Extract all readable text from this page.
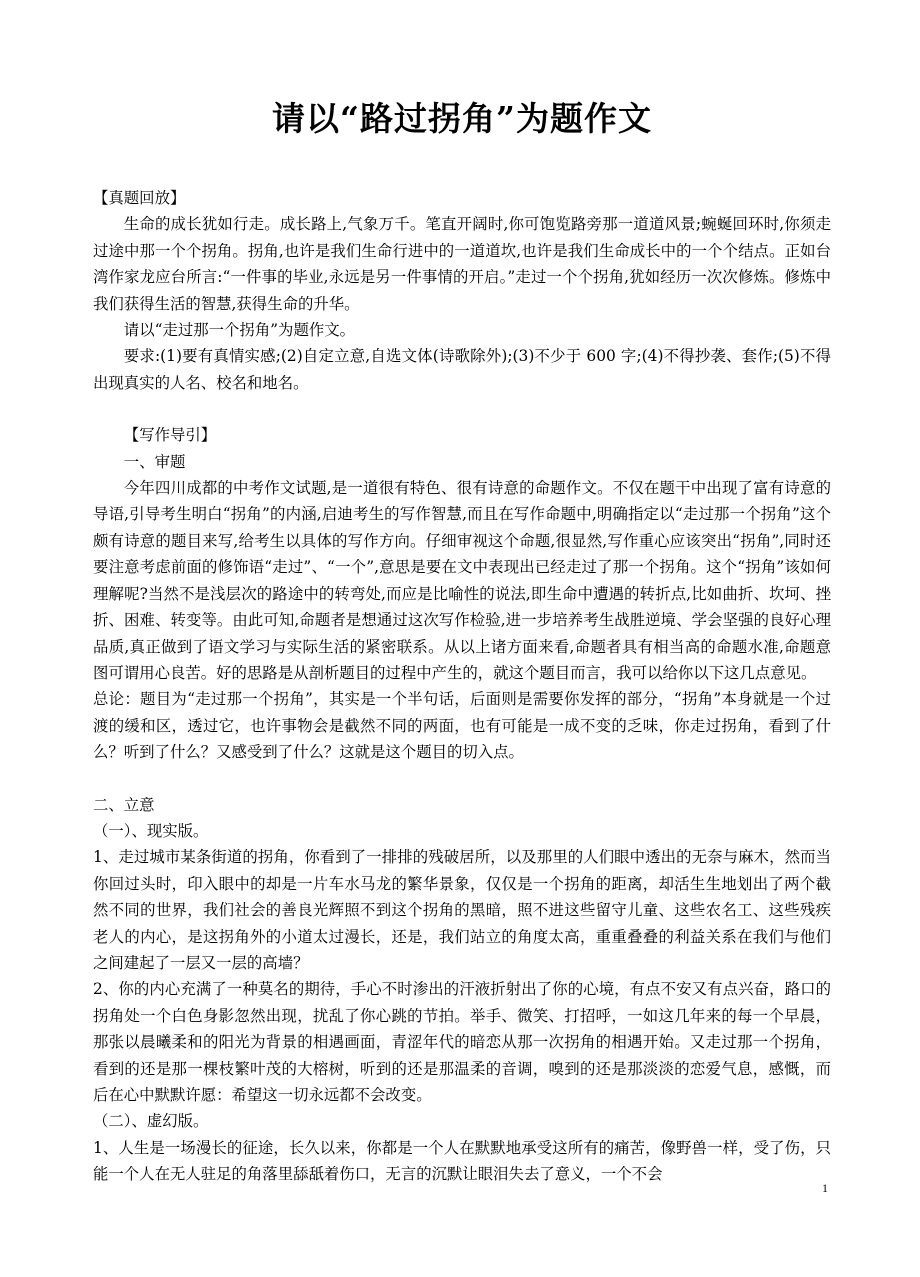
请以“路过拐角”为题作文

【真题回放】

生命的成长犹如行走。成长路上,气象万千。笔直开阔时,你可饱览路旁那一道道风景;蜿蜒回环时,你须走过途中那一个个拐角。拐角,也许是我们生命行进中的一道道坎,也许是我们生命成长中的一个个结点。正如台湾作家龙应台所言:“一件事的毕业,永远是另一件事情的开启。”走过一个个拐角,犹如经历一次次修炼。修炼中我们获得生活的智慧,获得生命的升华。

请以“走过那一个拐角”为题作文。

要求:(1)要有真情实感;(2)自定立意,自选文体(诗歌除外);(3)不少于 600 字;(4)不得抄袭、套作;(5)不得出现真实的人名、校名和地名。

【写作导引】

一、审题

今年四川成都的中考作文试题,是一道很有特色、很有诗意的命题作文。不仅在题干中出现了富有诗意的导语,引导考生明白“拐角”的内涵,启迪考生的写作智慧,而且在写作命题中,明确指定以“走过那一个拐角”这个颇有诗意的题目来写,给考生以具体的写作方向。仔细审视这个命题,很显然,写作重心应该突出“拐角”,同时还要注意考虑前面的修饰语“走过”、“一个”,意思是要在文中表现出已经走过了那一个拐角。这个“拐角”该如何理解呢?当然不是浅层次的路途中的转弯处,而应是比喻性的说法,即生命中遭遇的转折点,比如曲折、坎坷、挫折、困难、转变等。由此可知,命题者是想通过这次写作检验,进一步培养考生战胜逆境、学会坚强的良好心理品质,真正做到了语文学习与实际生活的紧密联系。从以上诸方面来看,命题者具有相当高的命题水准,命题意图可谓用心良苦。好的思路是从剖析题目的过程中产生的，就这个题目而言，我可以给你以下这几点意见。

总论：题目为“走过那一个拐角”，其实是一个半句话，后面则是需要你发挥的部分，“拐角”本身就是一个过渡的缓和区，透过它，也许事物会是截然不同的两面，也有可能是一成不变的乏味，你走过拐角，看到了什么？听到了什么？又感受到了什么？这就是这个题目的切入点。

二、立意

（一）、现实版。

1、走过城市某条街道的拐角，你看到了一排排的残破居所，以及那里的人们眼中透出的无奈与麻木，然而当你回过头时，印入眼中的却是一片车水马龙的繁华景象，仅仅是一个拐角的距离，却活生生地划出了两个截然不同的世界，我们社会的善良光辉照不到这个拐角的黑暗，照不进这些留守儿童、这些农名工、这些残疾老人的内心，是这拐角外的小道太过漫长，还是，我们站立的角度太高，重重叠叠的利益关系在我们与他们之间建起了一层又一层的高墙？

2、你的内心充满了一种莫名的期待，手心不时渗出的汗液折射出了你的心境，有点不安又有点兴奋，路口的拐角处一个白色身影忽然出现，扰乱了你心跳的节拍。举手、微笑、打招呼，一如这几年来的每一个早晨，那张以晨曦柔和的阳光为背景的相遇画面，青涩年代的暗恋从那一次拐角的相遇开始。又走过那一个拐角，看到的还是那一棵枝繁叶茂的大榕树，听到的还是那温柔的音调，嗅到的还是那淡淡的恋爱气息，感慨，而后在心中默默许愿：希望这一切永远都不会改变。

（二）、虚幻版。

1、人生是一场漫长的征途，长久以来，你都是一个人在默默地承受这所有的痛苦，像野兽一样，受了伤，只能一个人在无人驻足的角落里舔舐着伤口，无言的沉默让眼泪失去了意义，一个不会

1
